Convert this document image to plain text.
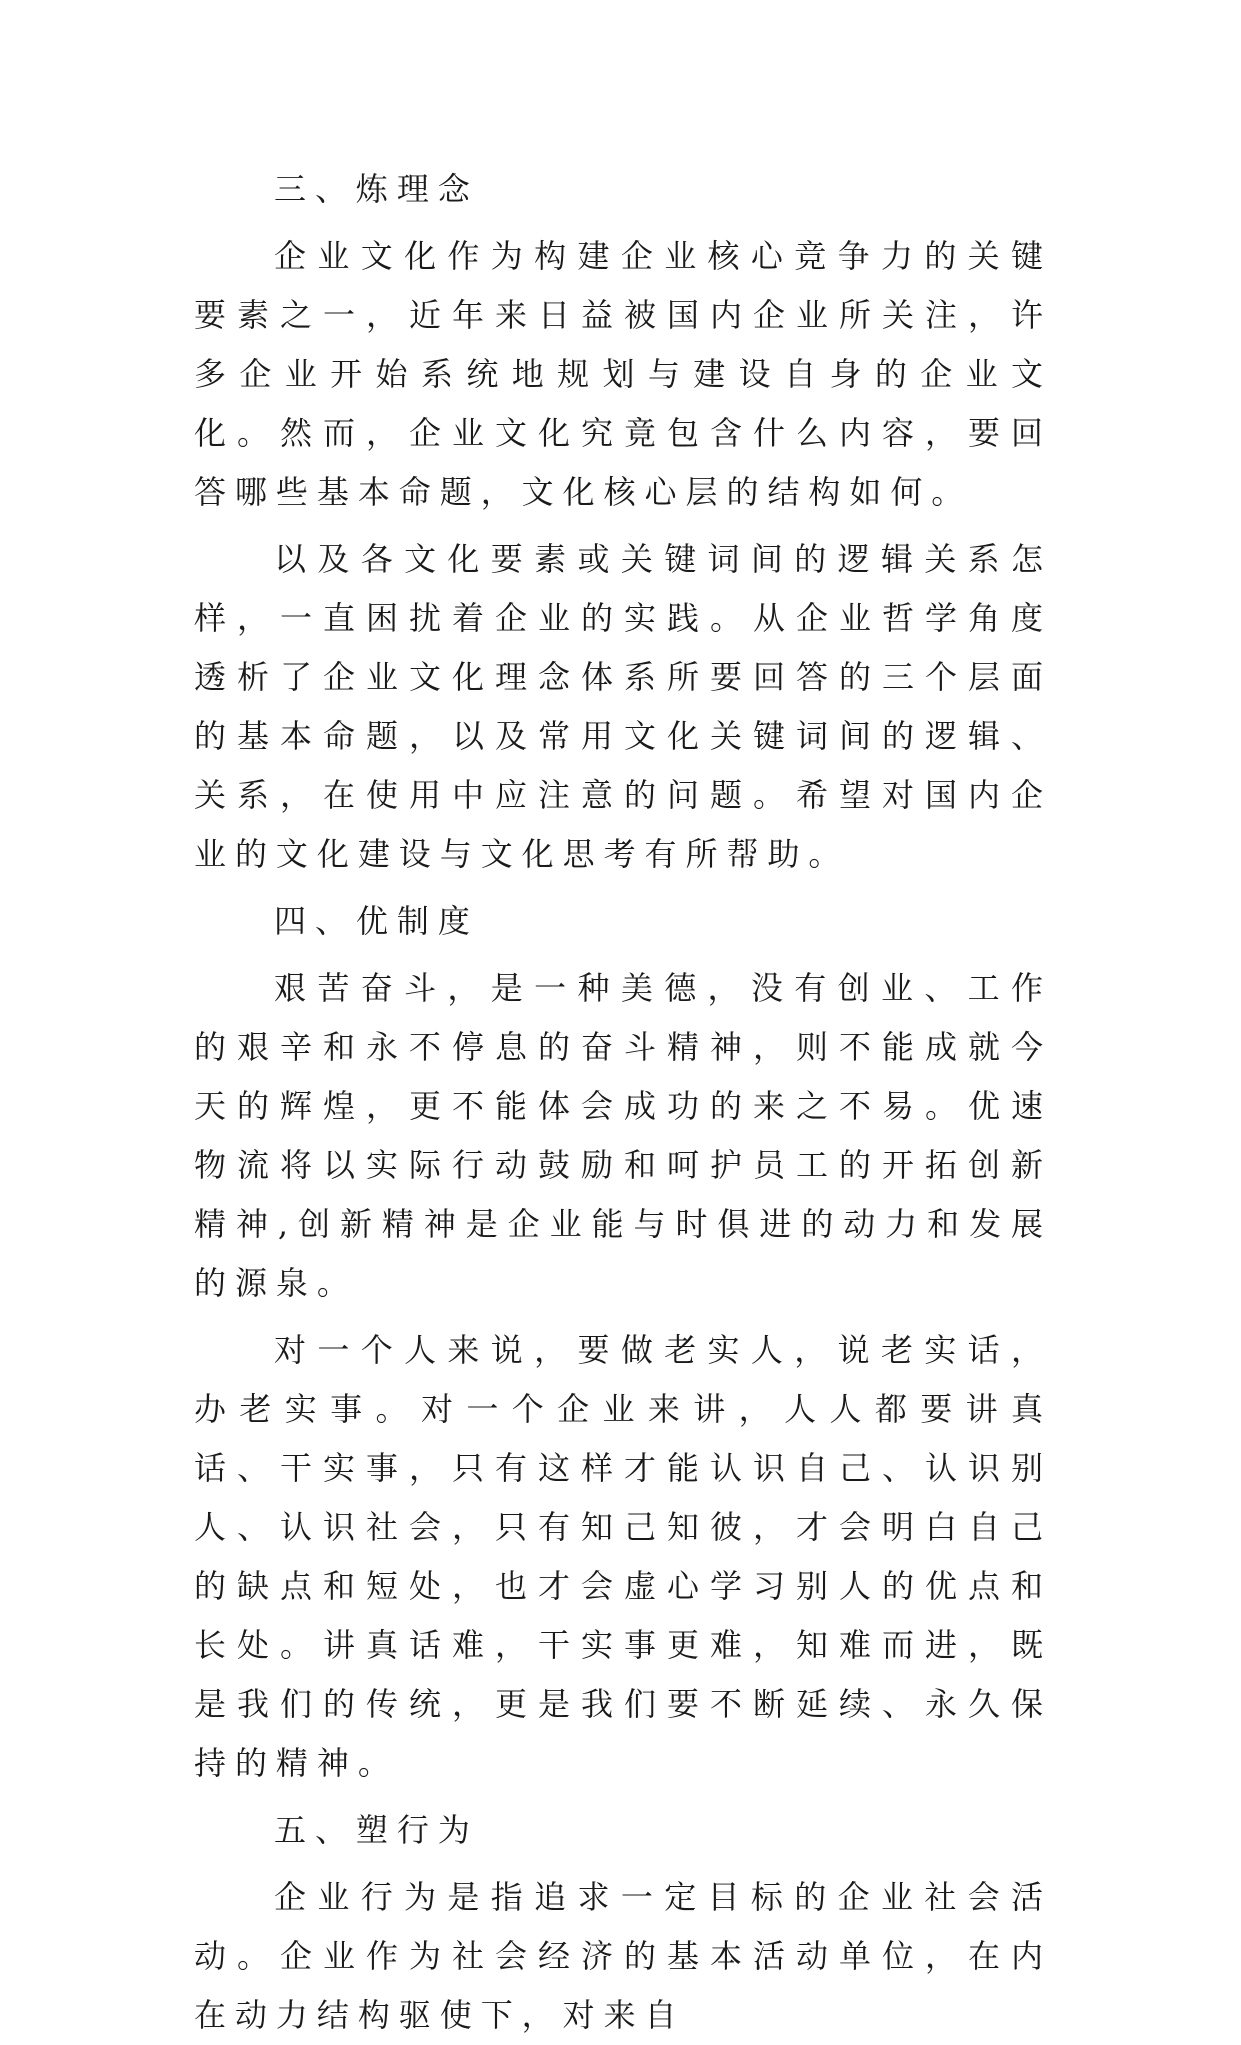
三、炼理念

企业文化作为构建企业核心竞争力的关键要素之一，近年来日益被国内企业所关注，许多企业开始系统地规划与建设自身的企业文化。然而，企业文化究竟包含什么内容，要回答哪些基本命题，文化核心层的结构如何。

以及各文化要素或关键词间的逻辑关系怎样，一直困扰着企业的实践。从企业哲学角度透析了企业文化理念体系所要回答的三个层面的基本命题，以及常用文化关键词间的逻辑、关系，在使用中应注意的问题。希望对国内企业的文化建设与文化思考有所帮助。

四、优制度

艰苦奋斗，是一种美德，没有创业、工作的艰辛和永不停息的奋斗精神，则不能成就今天的辉煌，更不能体会成功的来之不易。优速物流将以实际行动鼓励和呵护员工的开拓创新精神,创新精神是企业能与时俱进的动力和发展的源泉。

对一个人来说，要做老实人，说老实话，办老实事。对一个企业来讲，人人都要讲真话、干实事，只有这样才能认识自己、认识别人、认识社会，只有知己知彼，才会明白自己的缺点和短处，也才会虚心学习别人的优点和长处。讲真话难，干实事更难，知难而进，既是我们的传统，更是我们要不断延续、永久保持的精神。

五、塑行为

企业行为是指追求一定目标的企业社会活动。企业作为社会经济的基本活动单位，在内在动力结构驱使下，对来自
